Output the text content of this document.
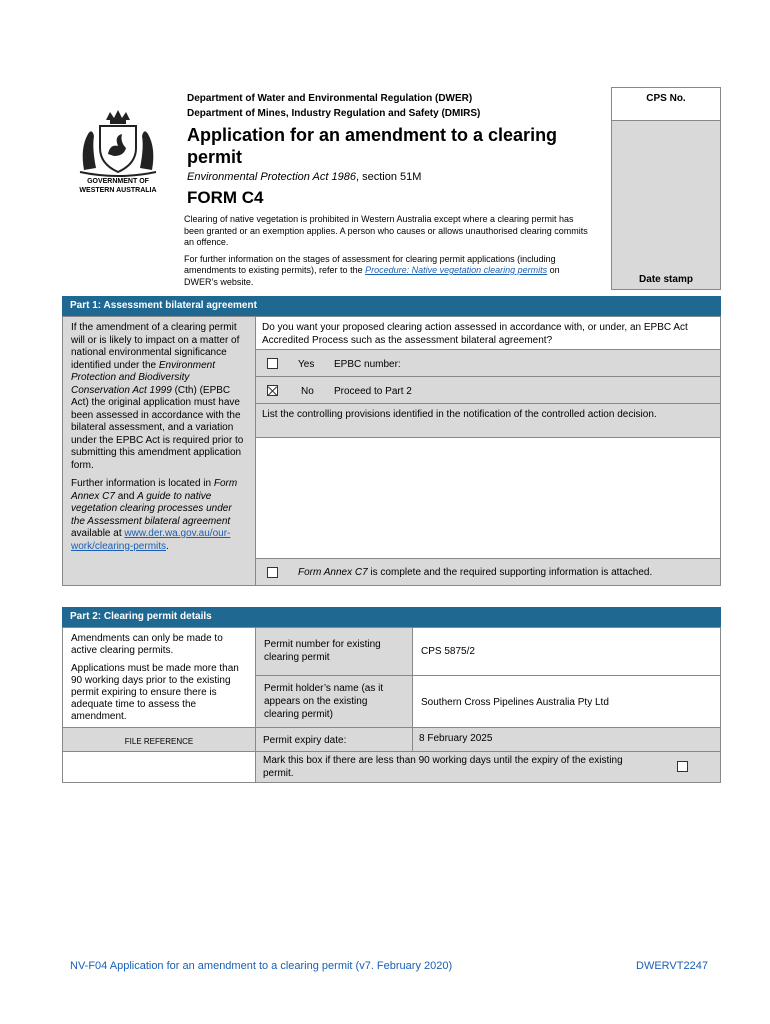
GOVERNMENT OF
WESTERN AUSTRALIA
Department of Water and Environmental Regulation (DWER)
Department of Mines, Industry Regulation and Safety (DMIRS)
Application for an amendment to a clearing permit
Environmental Protection Act 1986, section 51M
FORM C4

Clearing of native vegetation is prohibited in Western Australia except where a clearing permit has been granted or an exemption applies. A person who causes or allows unauthorised clearing commits an offence.

For further information on the stages of assessment for clearing permit applications (including amendments to existing permits), refer to the Procedure: Native vegetation clearing permits on DWER’s website.

CPS No.
Date stamp
Part 1: Assessment bilateral agreement

If the amendment of a clearing permit will or is likely to impact on a matter of national environmental significance identified under the Environment Protection and Biodiversity Conservation Act 1999 (Cth) (EPBC Act) the original application must have been assessed in accordance with the bilateral assessment, and a variation under the EPBC Act is required prior to submitting this amendment application form.

Further information is located in Form Annex C7 and A guide to native vegetation clearing processes under the Assessment bilateral agreement available at www.der.wa.gov.au/our-work/clearing-permits.

Do you want your proposed clearing action assessed in accordance with, or under, an EPBC Act Accredited Process such as the assessment bilateral agreement?
Yes EPBC number:
No Proceed to Part 2
List the controlling provisions identified in the notification of the controlled action decision.
Form Annex C7 is complete and the required supporting information is attached.
Part 2: Clearing permit details

Amendments can only be made to active clearing permits.

Applications must be made more than 90 working days prior to the existing permit expiring to ensure there is adequate time to assess the amendment.

FILE REFERENCE
Permit number for existing clearing permit
CPS 5875/2
Permit holder’s name (as it appears on the existing clearing permit)
Southern Cross Pipelines Australia Pty Ltd
Permit expiry date:	8 February 2025
Mark this box if there are less than 90 working days until the expiry of the existing permit.
NV-F04 Application for an amendment to a clearing permit (v7. February 2020)	DWERVT2247
